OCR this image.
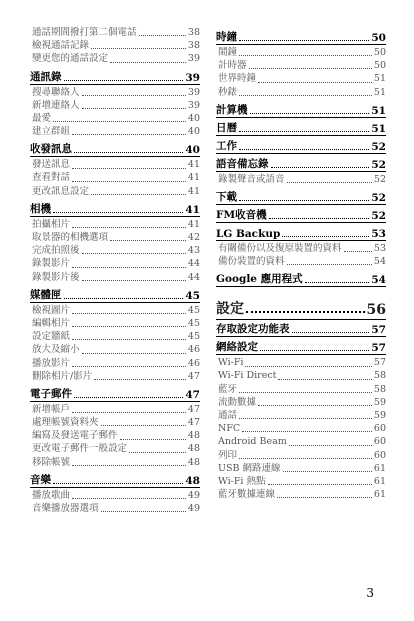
通話期間撥打第二個電話	38
檢視通話記錄	38
變更您的通話設定	39
通訊錄	39
搜尋聯絡人	39
新增連絡人	39
最愛	40
建立群組	40
收發訊息	40
發送訊息	41
查看對話	41
更改訊息設定	41
相機	41
拍攝相片	41
取景器的相機選項	42
完成拍照後	43
錄製影片	44
錄製影片後	44
媒體匣	45
檢視圖片	45
編輯相片	45
設定牆紙	45
放大及縮小	46
播放影片	46
刪除相片/影片	47
電子郵件	47
新增帳戶	47
處理帳號資料夾	47
編寫及發送電子郵件	48
更改電子郵件一般設定	48
移除帳號	48
音樂	48
播放歌曲	49
音樂播放器選項	49
時鐘	50
鬧鐘	50
計時器	50
世界時鐘	51
秒錶	51
計算機	51
日曆	51
工作	52
語音備忘錄	52
錄製聲音或語音	52
下載	52
FM收音機	52
LG Backup	53
有關備份以及復原裝置的資料	53
備份裝置的資料	54
Google 應用程式	54
設定	56
存取設定功能表	57
網絡設定	57
Wi-Fi	57
Wi-Fi Direct	58
藍牙	58
流動數據	59
通話	59
NFC	60
Android Beam	60
列印	60
USB 網路連線	61
Wi-Fi 熱點	61
藍牙數據連線	61
3
